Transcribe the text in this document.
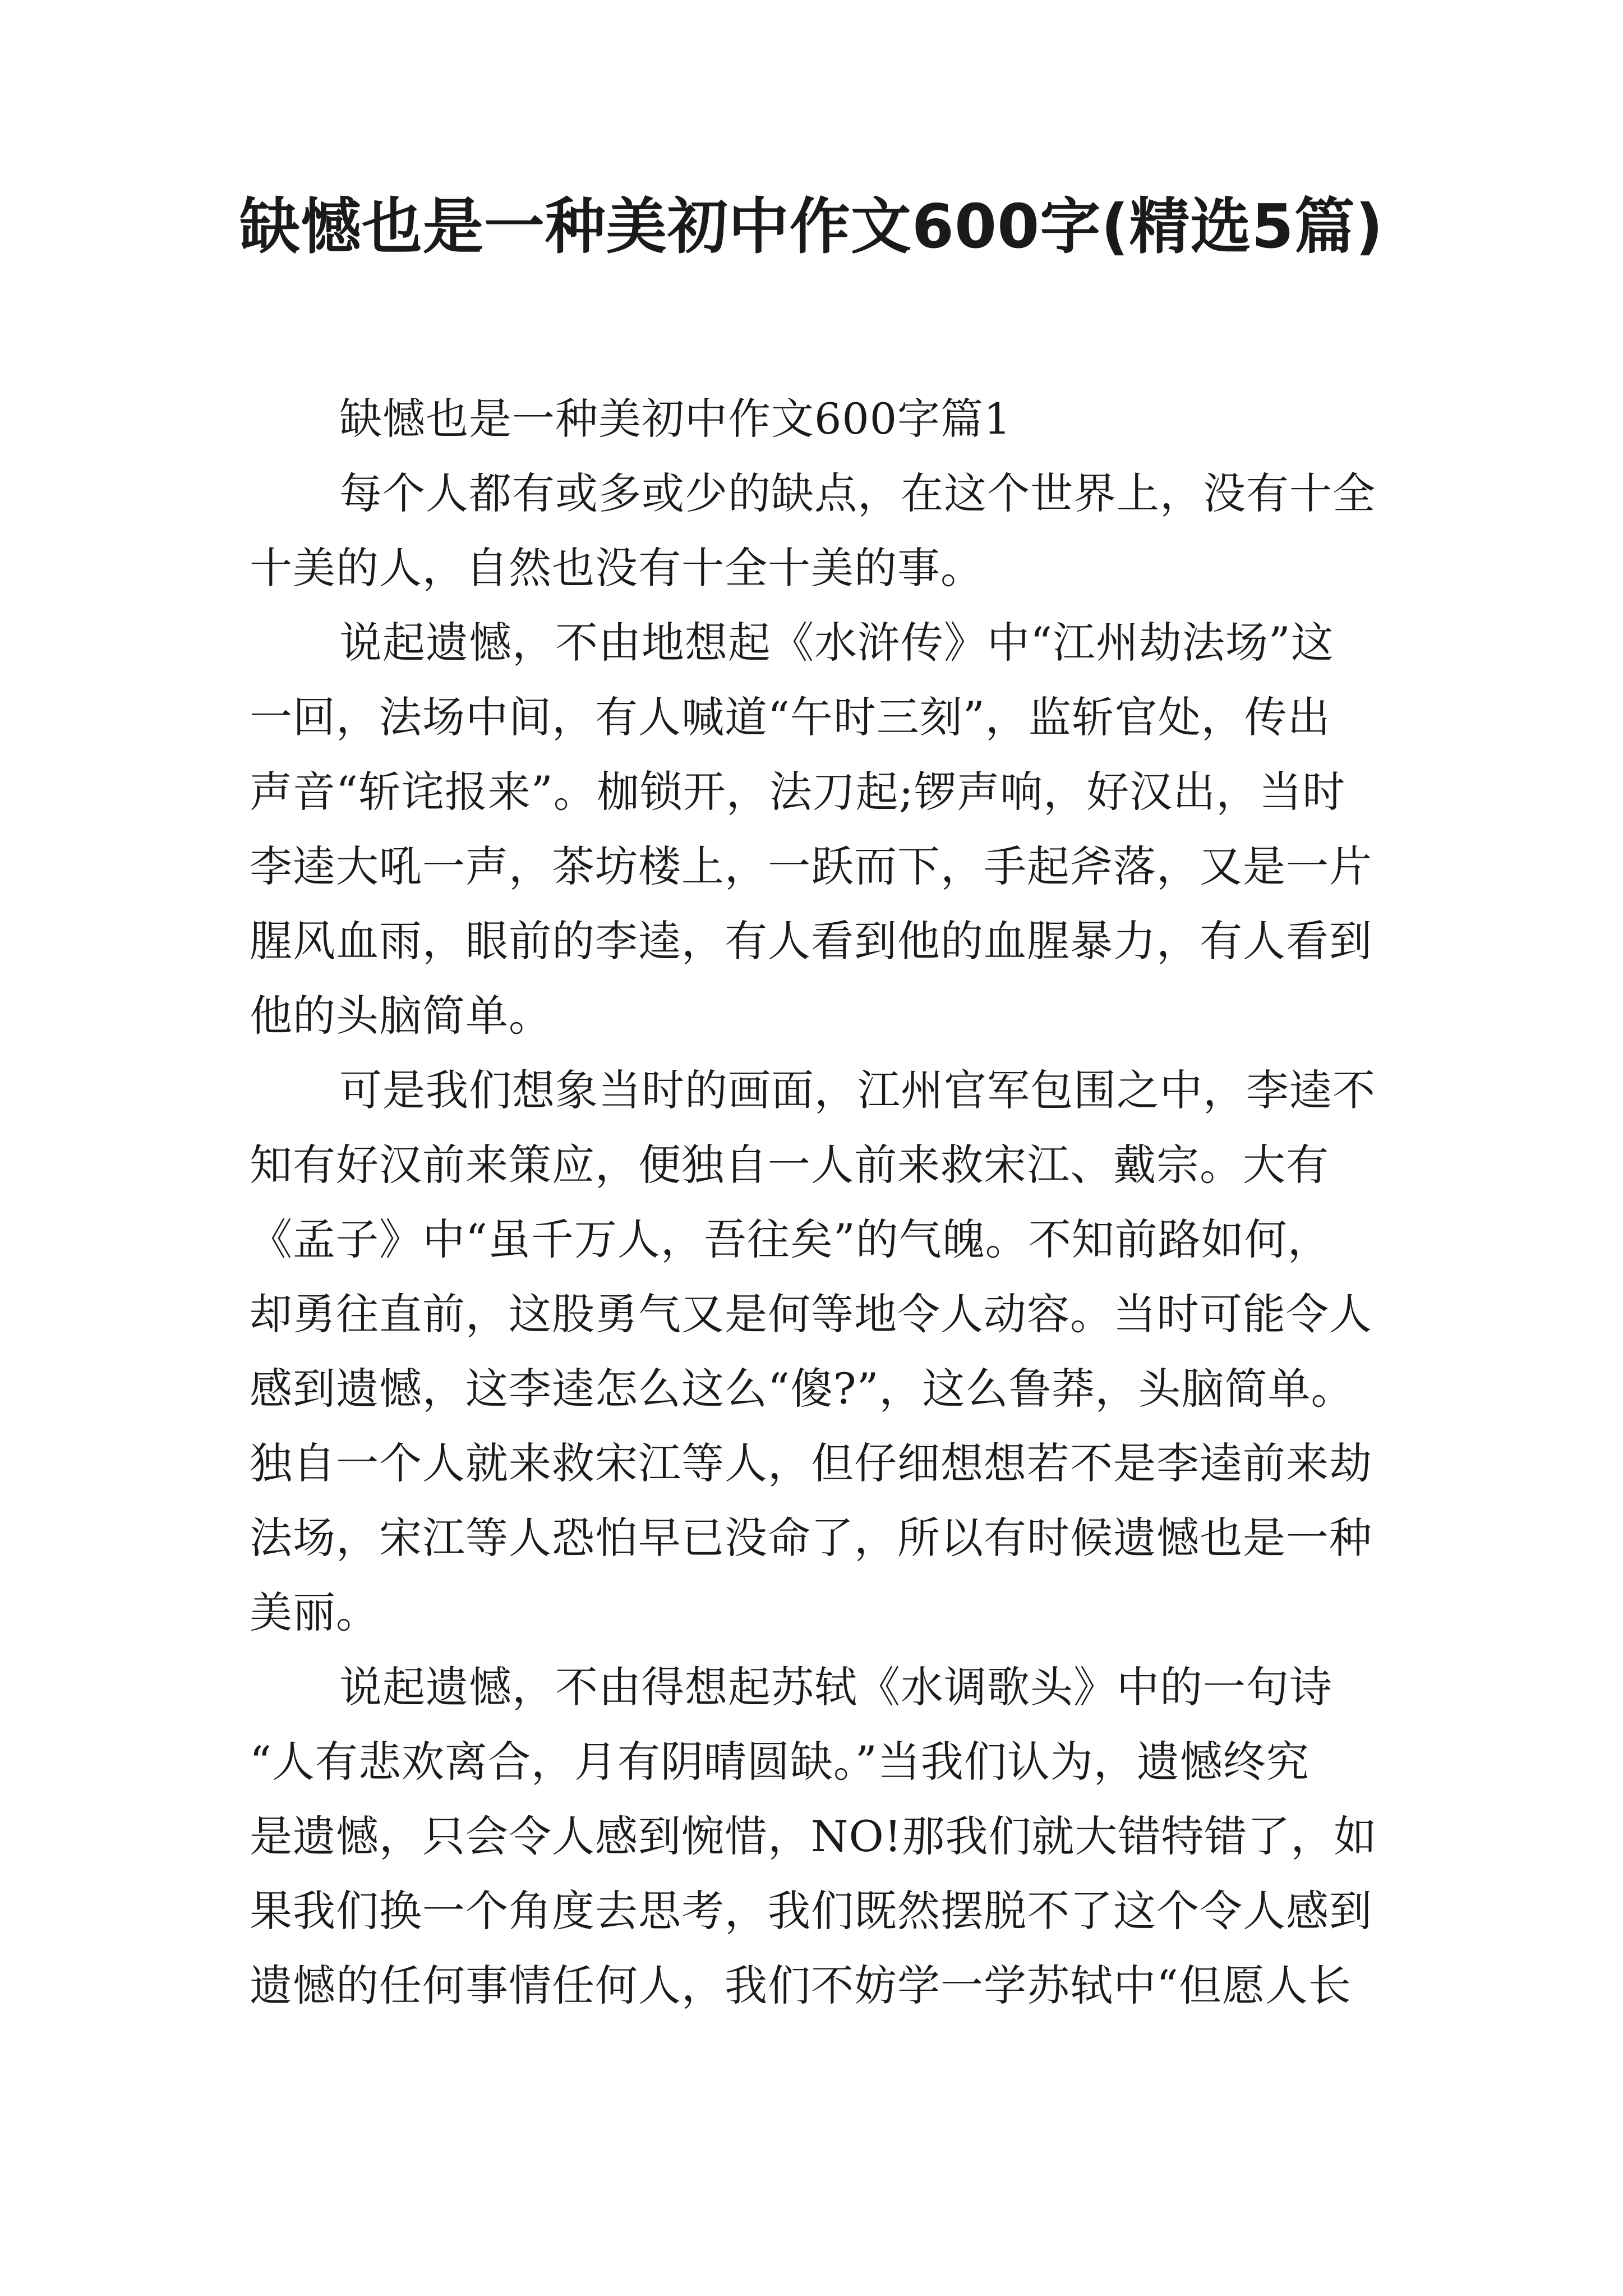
缺憾也是一种美初中作文600字(精选5篇)
缺憾也是一种美初中作文600字篇1
每个人都有或多或少的缺点，在这个世界上，没有十全
十美的人，自然也没有十全十美的事。
说起遗憾，不由地想起《水浒传》中“江州劫法场”这
一回，法场中间，有人喊道“午时三刻”，监斩官处，传出
声音“斩诧报来”。枷锁开，法刀起;锣声响，好汉出，当时
李逵大吼一声，茶坊楼上，一跃而下，手起斧落，又是一片
腥风血雨，眼前的李逵，有人看到他的血腥暴力，有人看到
他的头脑简单。
可是我们想象当时的画面，江州官军包围之中，李逵不
知有好汉前来策应，便独自一人前来救宋江、戴宗。大有
《孟子》中“虽千万人，吾往矣”的气魄。不知前路如何，
却勇往直前，这股勇气又是何等地令人动容。当时可能令人
感到遗憾，这李逵怎么这么“傻?”，这么鲁莽，头脑简单。
独自一个人就来救宋江等人，但仔细想想若不是李逵前来劫
法场，宋江等人恐怕早已没命了，所以有时候遗憾也是一种
美丽。
说起遗憾，不由得想起苏轼《水调歌头》中的一句诗
“人有悲欢离合，月有阴晴圆缺。”当我们认为，遗憾终究
是遗憾，只会令人感到惋惜，NO!那我们就大错特错了，如
果我们换一个角度去思考，我们既然摆脱不了这个令人感到
遗憾的任何事情任何人，我们不妨学一学苏轼中“但愿人长
